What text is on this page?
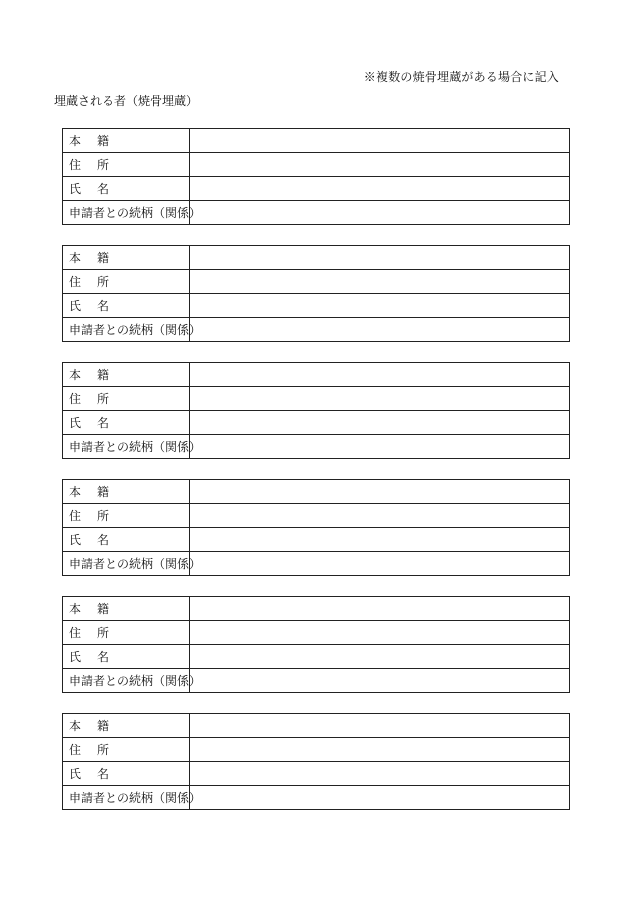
※複数の焼骨埋蔵がある場合に記入
埋蔵される者（焼骨埋蔵）
本 籍	
住 所	
氏 名	
申請者との続柄（関係）	
本 籍	
住 所	
氏 名	
申請者との続柄（関係）	
本 籍	
住 所	
氏 名	
申請者との続柄（関係）	
本 籍	
住 所	
氏 名	
申請者との続柄（関係）	
本 籍	
住 所	
氏 名	
申請者との続柄（関係）	
本 籍	
住 所	
氏 名	
申請者との続柄（関係）	
